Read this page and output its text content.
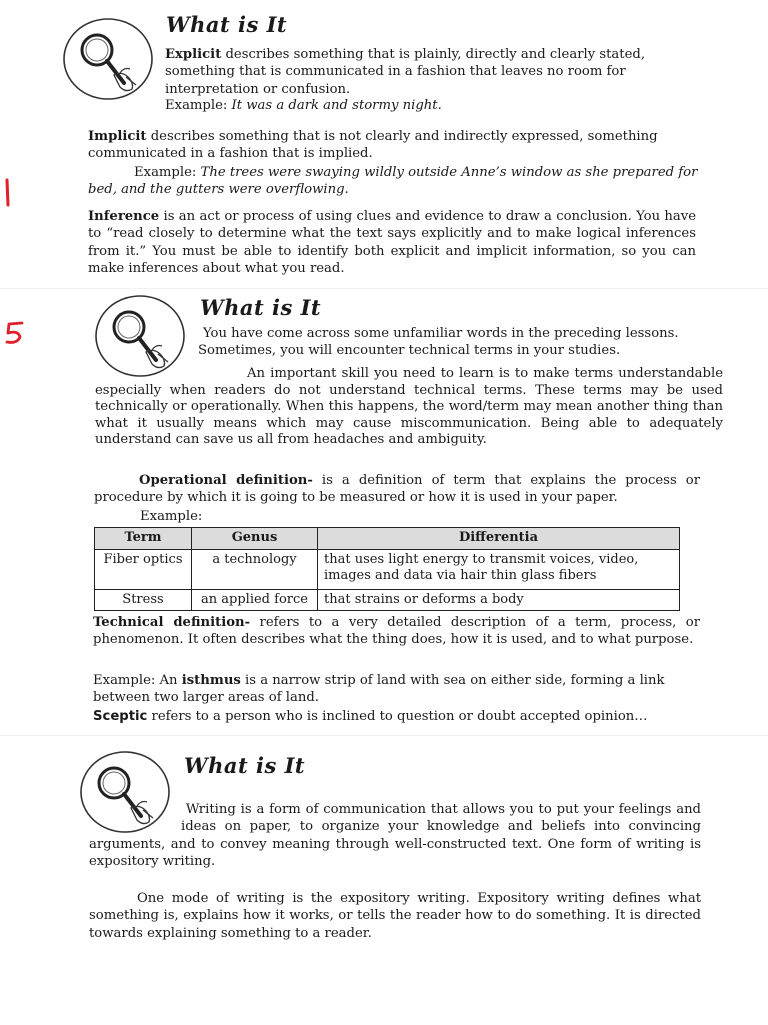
What is It

Explicit describes something that is plainly, directly and clearly stated, something that is communicated in a fashion that leaves no room for interpretation or confusion.

Example: It was a dark and stormy night.

Implicit describes something that is not clearly and indirectly expressed, something communicated in a fashion that is implied.

Example: The trees were swaying wildly outside Anne’s window as she prepared for bed, and the gutters were overflowing.

Inference is an act or process of using clues and evidence to draw a conclusion. You have to “read closely to determine what the text says explicitly and to make logical inferences from it.” You must be able to identify both explicit and implicit information, so you can make inferences about what you read.

What is It

You have come across some unfamiliar words in the preceding lessons. Sometimes, you will encounter technical terms in your studies.

An important skill you need to learn is to make terms understandable especially when readers do not understand technical terms. These terms may be used technically or operationally. When this happens, the word/term may mean another thing than what it usually means which may cause miscommunication. Being able to adequately understand can save us all from headaches and ambiguity.

Operational definition- is a definition of term that explains the process or procedure by which it is going to be measured or how it is used in your paper.

Example:

Term	Genus	Differentia
Fiber optics	a technology	that uses light energy to transmit voices, video, images and data via hair thin glass fibers
Stress	an applied force	that strains or deforms a body

Technical definition- refers to a very detailed description of a term, process, or phenomenon. It often describes what the thing does, how it is used, and to what purpose.

Example: An isthmus is a narrow strip of land with sea on either side, forming a link between two larger areas of land.

Sceptic refers to a person who is inclined to question or doubt accepted opinion…

What is It

Writing is a form of communication that allows you to put your feelings and ideas on paper, to organize your knowledge and beliefs into convincing arguments, and to convey meaning through well-constructed text. One form of writing is expository writing.

One mode of writing is the expository writing. Expository writing defines what something is, explains how it works, or tells the reader how to do something. It is directed towards explaining something to a reader.
